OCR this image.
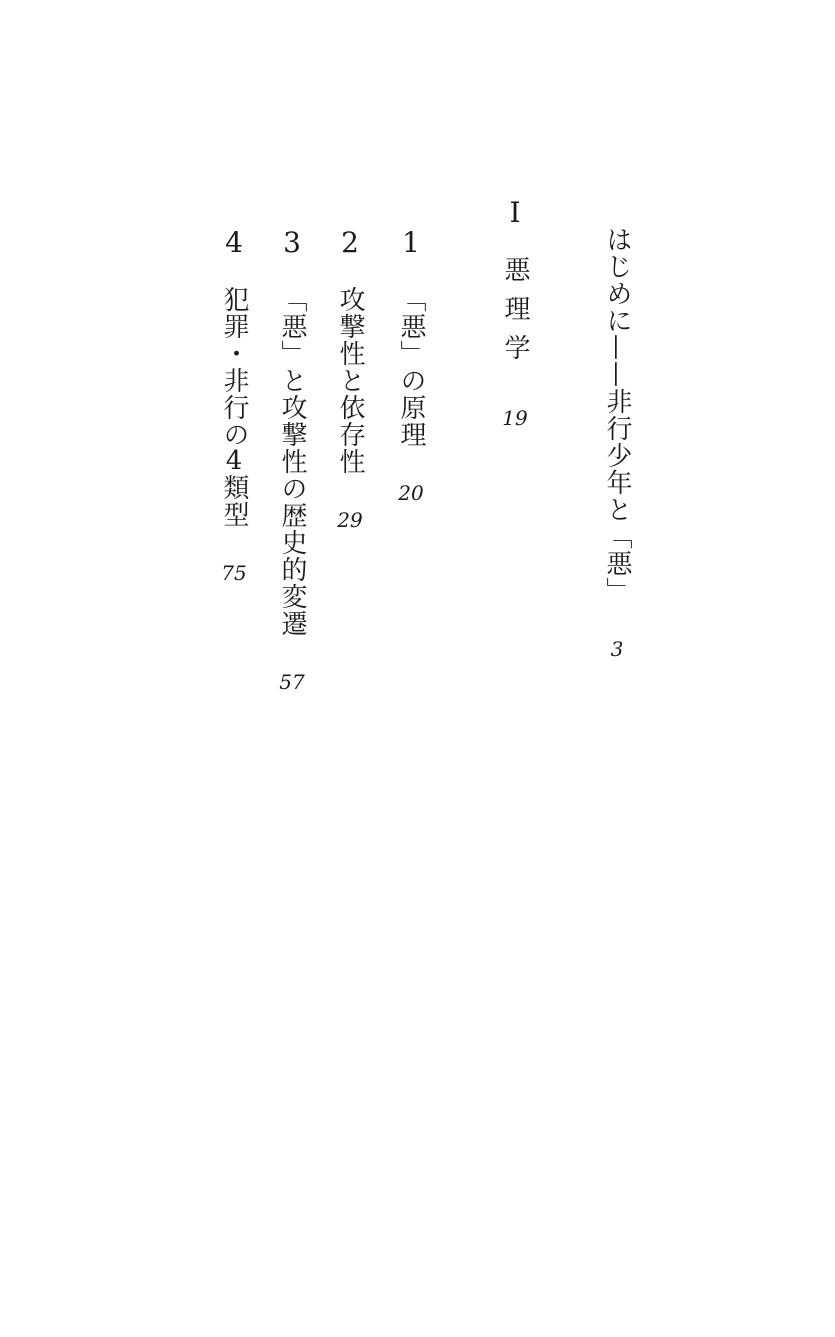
はじめに——非行少年と「悪」
3
I
悪理学
19
1
「悪」の原理
20
2
攻撃性と依存性
29
3
「悪」と攻撃性の歴史的変遷
57
4
犯罪・非行の4類型
75
